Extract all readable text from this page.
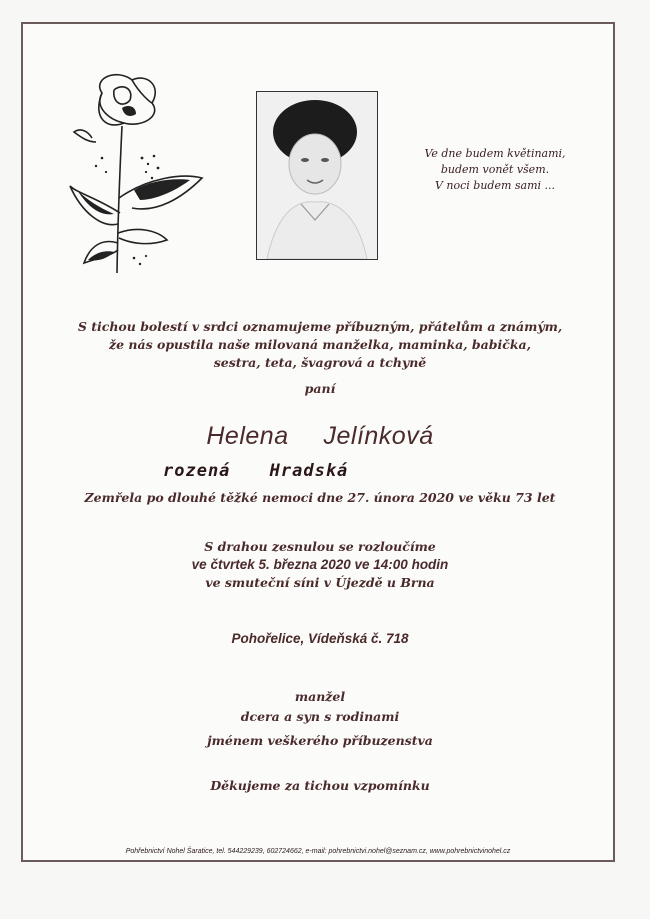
Ve dne budem květinami,
budem vonět všem.
V noci budem sami ...
S tichou bolestí v srdci oznamujeme příbuzným, přátelům a známým,
že nás opustila naše milovaná manželka, maminka, babička,
sestra, teta, švagrová a tchyně
paní
Helena  Jelínková
rozená Hradská
Zemřela po dlouhé těžké nemoci dne 27. února 2020 ve věku 73 let
S drahou zesnulou se rozloučíme
ve čtvrtek 5. března 2020 ve 14:00 hodin
ve smuteční síni v Újezdě u Brna
Pohořelice, Vídeňská č. 718
manžel
dcera a syn s rodinami
jménem veškerého příbuzenstva
Děkujeme za tichou vzpomínku
Pohřebnictví Nohel Šaratice, tel. 544229239, 602724662, e-mail: pohrebnictvi.nohel@seznam.cz, www.pohrebnictvinohel.cz
